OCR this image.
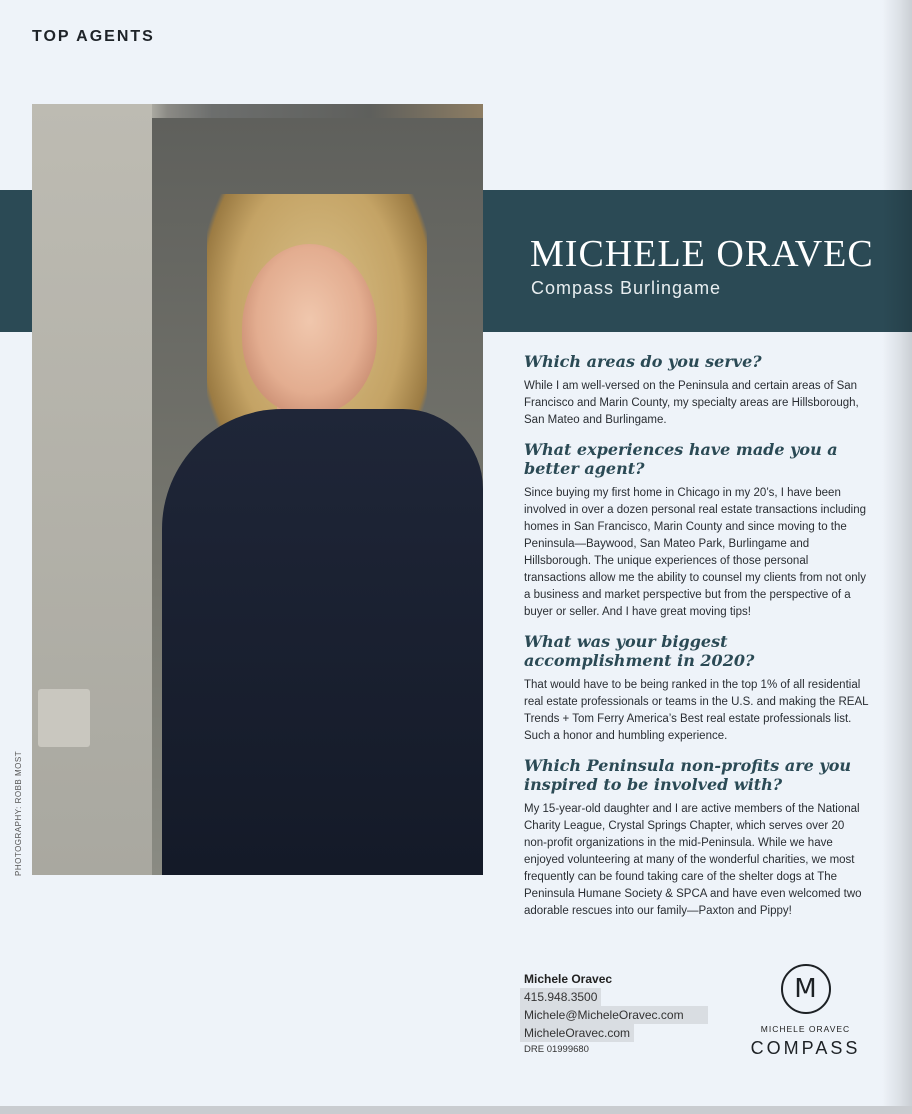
TOP AGENTS
MICHELE ORAVEC
Compass Burlingame
PHOTOGRAPHY: ROBB MOST
Which areas do you serve?
While I am well-versed on the Peninsula and certain areas of San Francisco and Marin County, my specialty areas are Hillsborough, San Mateo and Burlingame.
What experiences have made you a better agent?
Since buying my first home in Chicago in my 20’s, I have been involved in over a dozen personal real estate transactions including homes in San Francisco, Marin County and since moving to the Peninsula—Baywood, San Mateo Park, Burlingame and Hillsborough. The unique experiences of those personal transactions allow me the ability to counsel my clients from not only a business and market perspective but from the perspective of a buyer or seller. And I have great moving tips!
What was your biggest accomplishment in 2020?
That would have to be being ranked in the top 1% of all residential real estate professionals or teams in the U.S. and making the REAL Trends + Tom Ferry America’s Best real estate professionals list. Such a honor and humbling experience.
Which Peninsula non-profits are you inspired to be involved with?
My 15-year-old daughter and I are active members of the National Charity League, Crystal Springs Chapter, which serves over 20 non-profit organizations in the mid-Peninsula. While we have enjoyed volunteering at many of the wonderful charities, we most frequently can be found taking care of the shelter dogs at The Peninsula Humane Society & SPCA and have even welcomed two adorable rescues into our family—Paxton and Pippy!
Michele Oravec
415.948.3500
Michele@MicheleOravec.com
MicheleOravec.com
DRE 01999680
M
MICHELE ORAVEC
COMPASS
